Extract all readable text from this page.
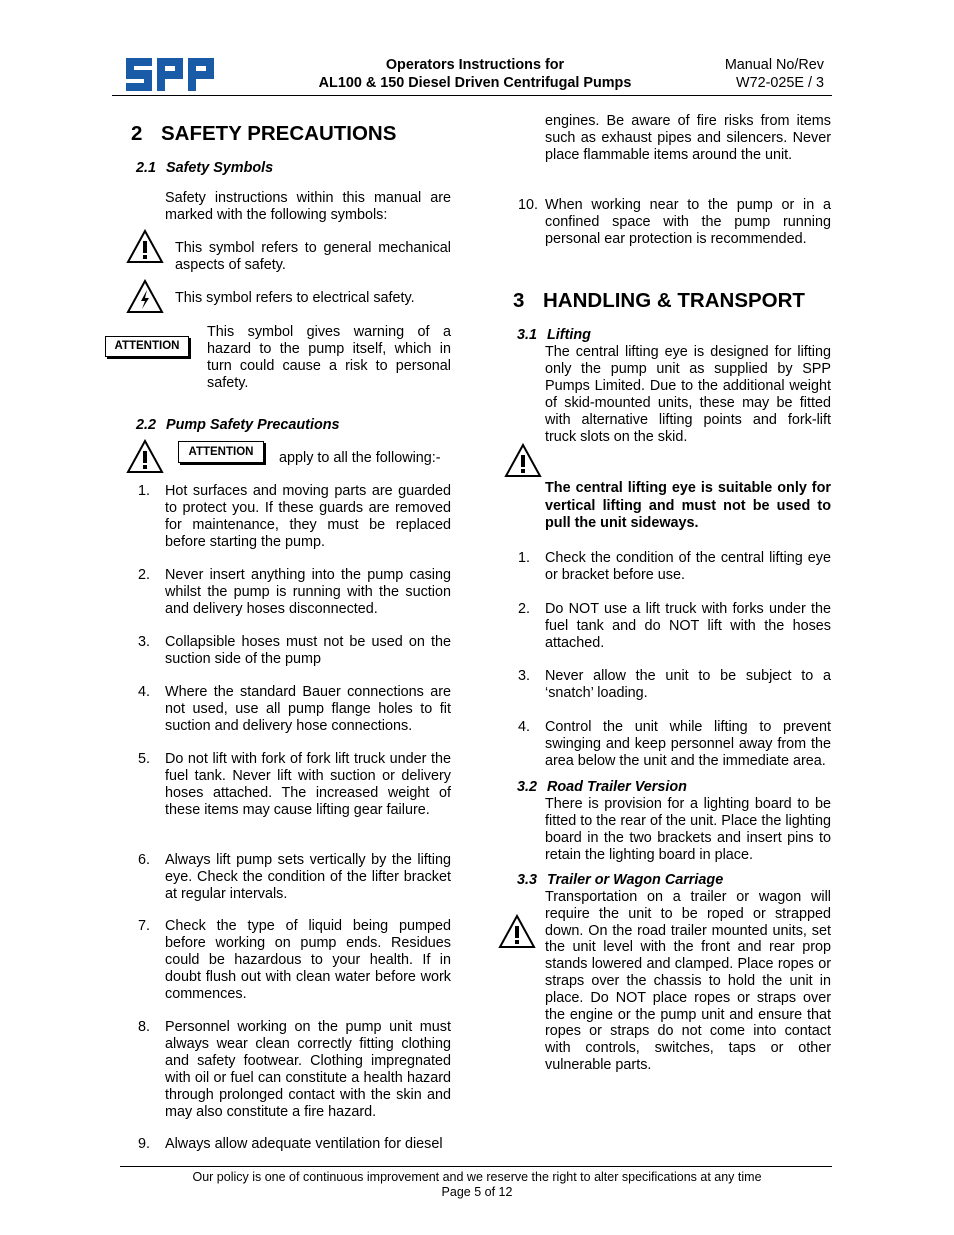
Operators Instructions for
AL100 & 150 Diesel Driven Centrifugal Pumps
Manual No/Rev
W72-025E / 3
2 SAFETY PRECAUTIONS
2.1 Safety Symbols
Safety instructions within this manual are marked with the following symbols:
This symbol refers to general mechanical aspects of safety.
This symbol refers to electrical safety.
ATTENTION
This symbol gives warning of a hazard to the pump itself, which in turn could cause a risk to personal safety.
2.2 Pump Safety Precautions
ATTENTION	apply to all the following:-
1. Hot surfaces and moving parts are guarded to protect you. If these guards are removed for maintenance, they must be replaced before starting the pump.
2. Never insert anything into the pump casing whilst the pump is running with the suction and delivery hoses disconnected.
3. Collapsible hoses must not be used on the suction side of the pump
4. Where the standard Bauer connections are not used, use all pump flange holes to fit suction and delivery hose connections.
5. Do not lift with fork of fork lift truck under the fuel tank. Never lift with suction or delivery hoses attached. The increased weight of these items may cause lifting gear failure.
6. Always lift pump sets vertically by the lifting eye. Check the condition of the lifter bracket at regular intervals.
7. Check the type of liquid being pumped before working on pump ends. Residues could be hazardous to your health. If in doubt flush out with clean water before work commences.
8. Personnel working on the pump unit must always wear clean correctly fitting clothing and safety footwear. Clothing impregnated with oil or fuel can constitute a health hazard through prolonged contact with the skin and may also constitute a fire hazard.
9. Always allow adequate ventilation for diesel
engines. Be aware of fire risks from items such as exhaust pipes and silencers. Never place flammable items around the unit.
10. When working near to the pump or in a confined space with the pump running personal ear protection is recommended.
3 HANDLING & TRANSPORT
3.1 Lifting
The central lifting eye is designed for lifting only the pump unit as supplied by SPP Pumps Limited. Due to the additional weight of skid-mounted units, these may be fitted with alternative lifting points and fork-lift truck slots on the skid.
The central lifting eye is suitable only for vertical lifting and must not be used to pull the unit sideways.
1. Check the condition of the central lifting eye or bracket before use.
2. Do NOT use a lift truck with forks under the fuel tank and do NOT lift with the hoses attached.
3. Never allow the unit to be subject to a ‘snatch’ loading.
4. Control the unit while lifting to prevent swinging and keep personnel away from the area below the unit and the immediate area.
3.2 Road Trailer Version
There is provision for a lighting board to be fitted to the rear of the unit. Place the lighting board in the two brackets and insert pins to retain the lighting board in place.
3.3 Trailer or Wagon Carriage
Transportation on a trailer or wagon will require the unit to be roped or strapped down. On the road trailer mounted units, set the unit level with the front and rear prop stands lowered and clamped. Place ropes or straps over the chassis to hold the unit in place. Do NOT place ropes or straps over the engine or the pump unit and ensure that ropes or straps do not come into contact with controls, switches, taps or other vulnerable parts.
Our policy is one of continuous improvement and we reserve the right to alter specifications at any time
Page 5 of 12
